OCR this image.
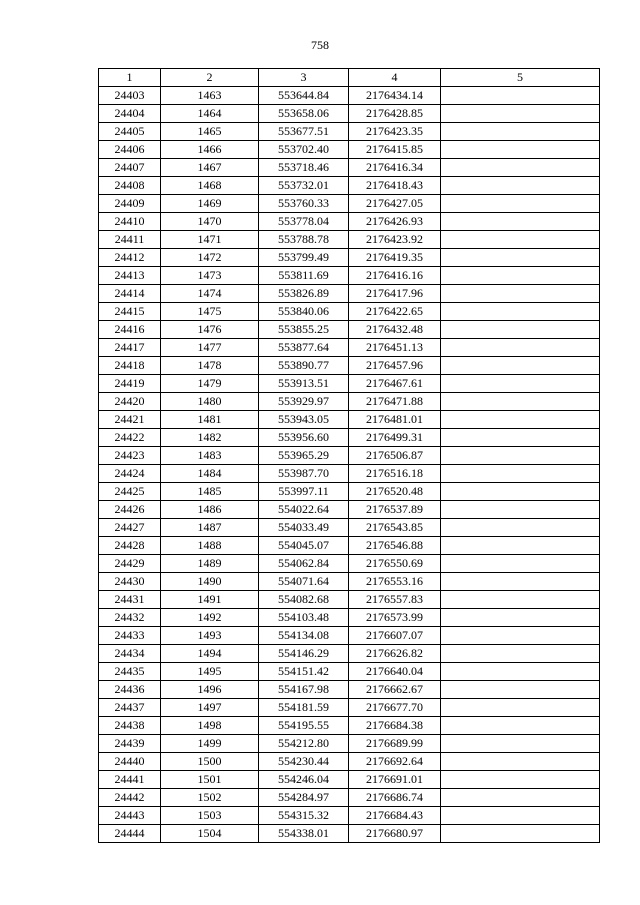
758
1	2	3	4	5
24403	1463	553644.84	2176434.14	
24404	1464	553658.06	2176428.85	
24405	1465	553677.51	2176423.35	
24406	1466	553702.40	2176415.85	
24407	1467	553718.46	2176416.34	
24408	1468	553732.01	2176418.43	
24409	1469	553760.33	2176427.05	
24410	1470	553778.04	2176426.93	
24411	1471	553788.78	2176423.92	
24412	1472	553799.49	2176419.35	
24413	1473	553811.69	2176416.16	
24414	1474	553826.89	2176417.96	
24415	1475	553840.06	2176422.65	
24416	1476	553855.25	2176432.48	
24417	1477	553877.64	2176451.13	
24418	1478	553890.77	2176457.96	
24419	1479	553913.51	2176467.61	
24420	1480	553929.97	2176471.88	
24421	1481	553943.05	2176481.01	
24422	1482	553956.60	2176499.31	
24423	1483	553965.29	2176506.87	
24424	1484	553987.70	2176516.18	
24425	1485	553997.11	2176520.48	
24426	1486	554022.64	2176537.89	
24427	1487	554033.49	2176543.85	
24428	1488	554045.07	2176546.88	
24429	1489	554062.84	2176550.69	
24430	1490	554071.64	2176553.16	
24431	1491	554082.68	2176557.83	
24432	1492	554103.48	2176573.99	
24433	1493	554134.08	2176607.07	
24434	1494	554146.29	2176626.82	
24435	1495	554151.42	2176640.04	
24436	1496	554167.98	2176662.67	
24437	1497	554181.59	2176677.70	
24438	1498	554195.55	2176684.38	
24439	1499	554212.80	2176689.99	
24440	1500	554230.44	2176692.64	
24441	1501	554246.04	2176691.01	
24442	1502	554284.97	2176686.74	
24443	1503	554315.32	2176684.43	
24444	1504	554338.01	2176680.97	
